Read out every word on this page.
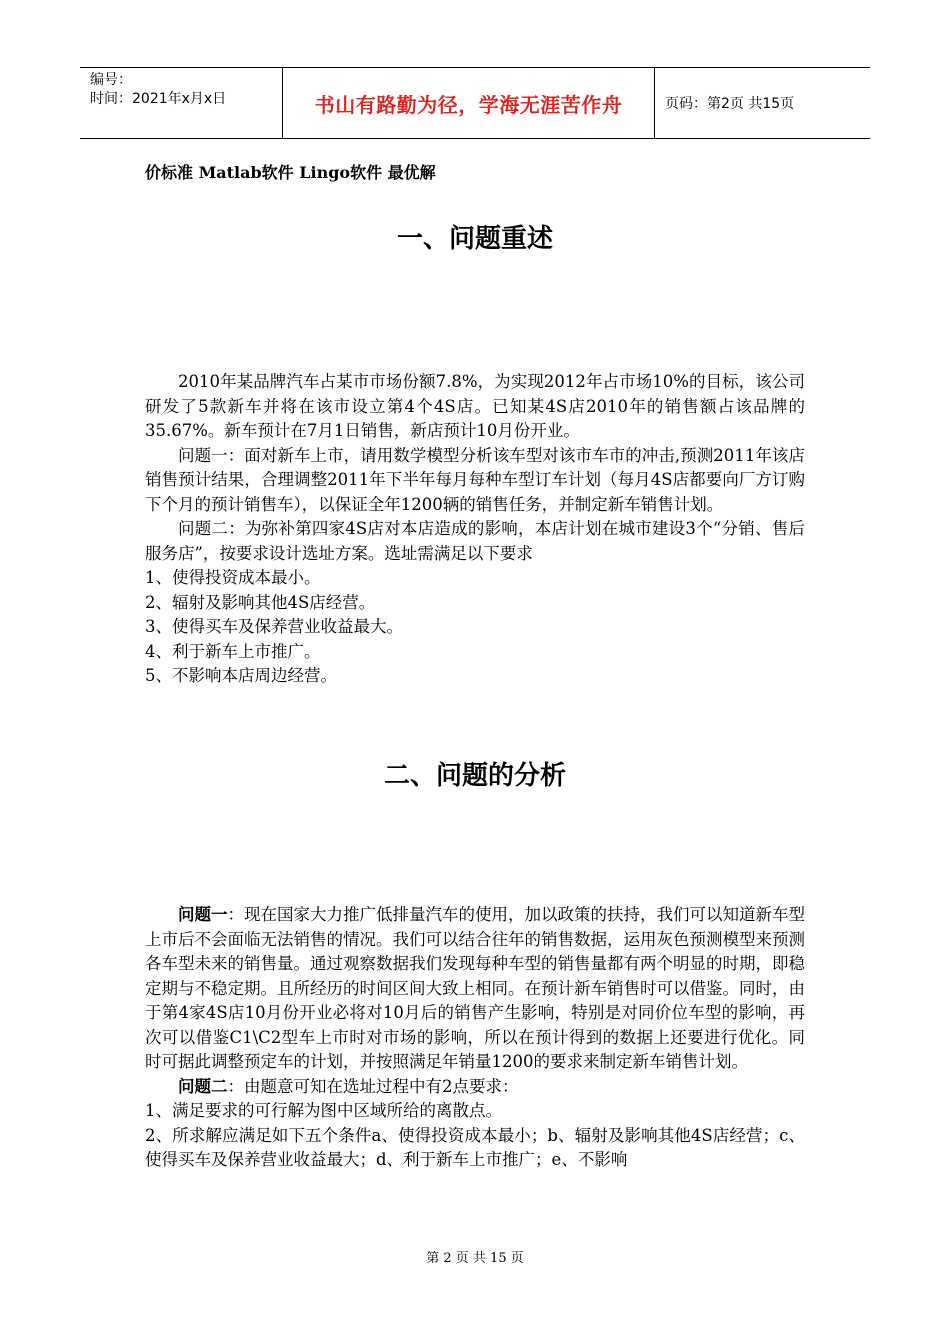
编号：
时间：2021年x月x日	书山有路勤为径，学海无涯苦作舟	页码：第2页 共15页
价标准 Matlab软件 Lingo软件 最优解
一、问题重述

2010年某品牌汽车占某市市场份额7.8%，为实现2012年占市场10%的目标，该公司研发了5款新车并将在该市设立第4个4S店。已知某4S店2010年的销售额占该品牌的35.67%。新车预计在7月1日销售，新店预计10月份开业。

问题一：面对新车上市，请用数学模型分析该车型对该市车市的冲击,预测2011年该店销售预计结果，合理调整2011年下半年每月每种车型订车计划（每月4S店都要向厂方订购下个月的预计销售车），以保证全年1200辆的销售任务，并制定新车销售计划。

问题二：为弥补第四家4S店对本店造成的影响，本店计划在城市建设3个“分销、售后服务店”，按要求设计选址方案。选址需满足以下要求

1、使得投资成本最小。

2、辐射及影响其他4S店经营。

3、使得买车及保养营业收益最大。

4、利于新车上市推广。

5、不影响本店周边经营。

二、问题的分析

问题一：现在国家大力推广低排量汽车的使用，加以政策的扶持，我们可以知道新车型上市后不会面临无法销售的情况。我们可以结合往年的销售数据，运用灰色预测模型来预测各车型未来的销售量。通过观察数据我们发现每种车型的销售量都有两个明显的时期，即稳定期与不稳定期。且所经历的时间区间大致上相同。在预计新车销售时可以借鉴。同时，由于第4家4S店10月份开业必将对10月后的销售产生影响，特别是对同价位车型的影响，再次可以借鉴C1\C2型车上市时对市场的影响，所以在预计得到的数据上还要进行优化。同时可据此调整预定车的计划，并按照满足年销量1200的要求来制定新车销售计划。

问题二：由题意可知在选址过程中有2点要求：

1、满足要求的可行解为图中区域所给的离散点。

2、所求解应满足如下五个条件a、使得投资成本最小；b、辐射及影响其他4S店经营；c、使得买车及保养营业收益最大；d、利于新车上市推广；e、不影响

第 2 页 共 15 页
